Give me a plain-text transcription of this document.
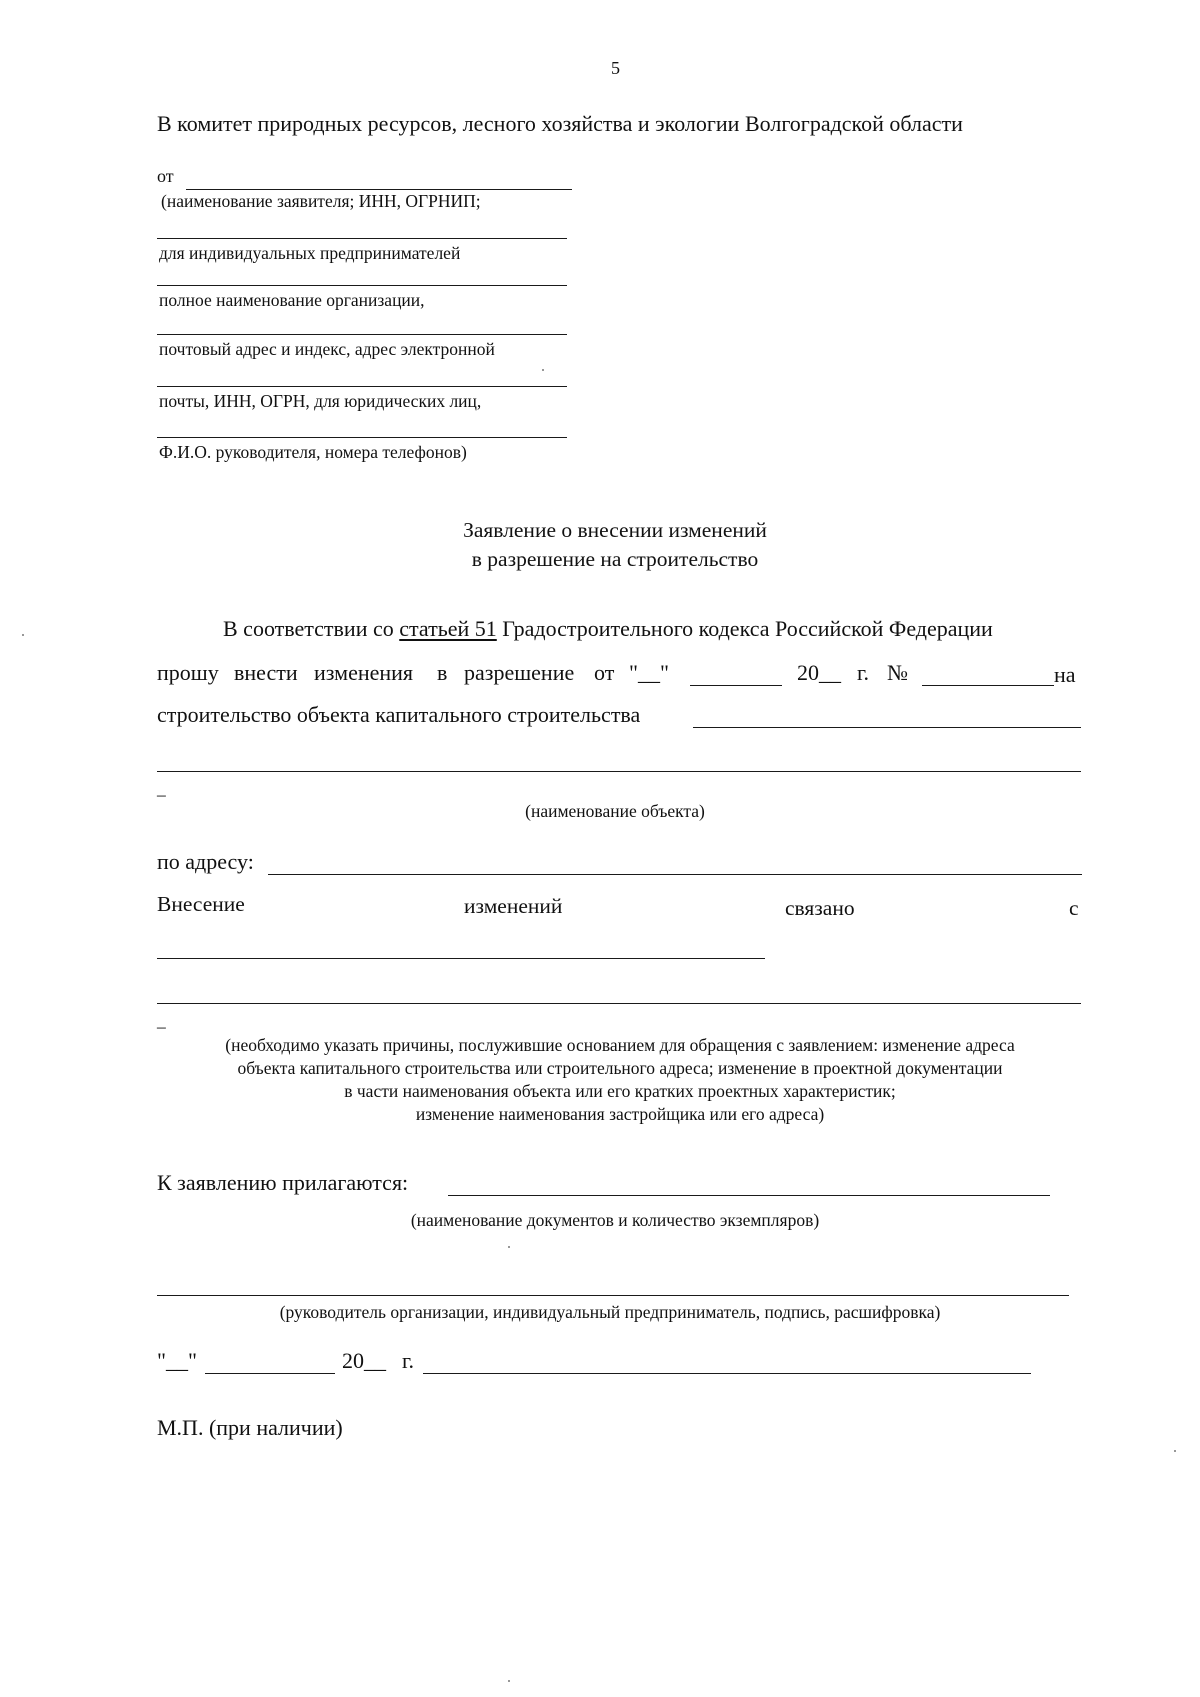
5
В комитет природных ресурсов, лесного хозяйства и экологии Волгоградской области
от
(наименование заявителя; ИНН, ОГРНИП;
для индивидуальных предпринимателей
полное наименование организации,
почтовый адрес и индекс, адрес электронной
почты, ИНН, ОГРН, для юридических лиц,
Ф.И.О. руководителя, номера телефонов)
Заявление о внесении изменений
в разрешение на строительство
В соответствии со статьей 51 Градостроительного кодекса Российской Федерации
прошу внести изменения в разрешение от "__"	20__ г. №	на
строительство объекта капитального строительства
_
(наименование объекта)
по адресу:
Внесение	изменений	связано	с
_
(необходимо указать причины, послужившие основанием для обращения с заявлением: изменение адреса
объекта капитального строительства или строительного адреса; изменение в проектной документации
в части наименования объекта или его кратких проектных характеристик;
изменение наименования застройщика или его адреса)
К заявлению прилагаются:
(наименование документов и количество экземпляров)
(руководитель организации, индивидуальный предприниматель, подпись, расшифровка)
"__"	20__ г.
М.П. (при наличии)
